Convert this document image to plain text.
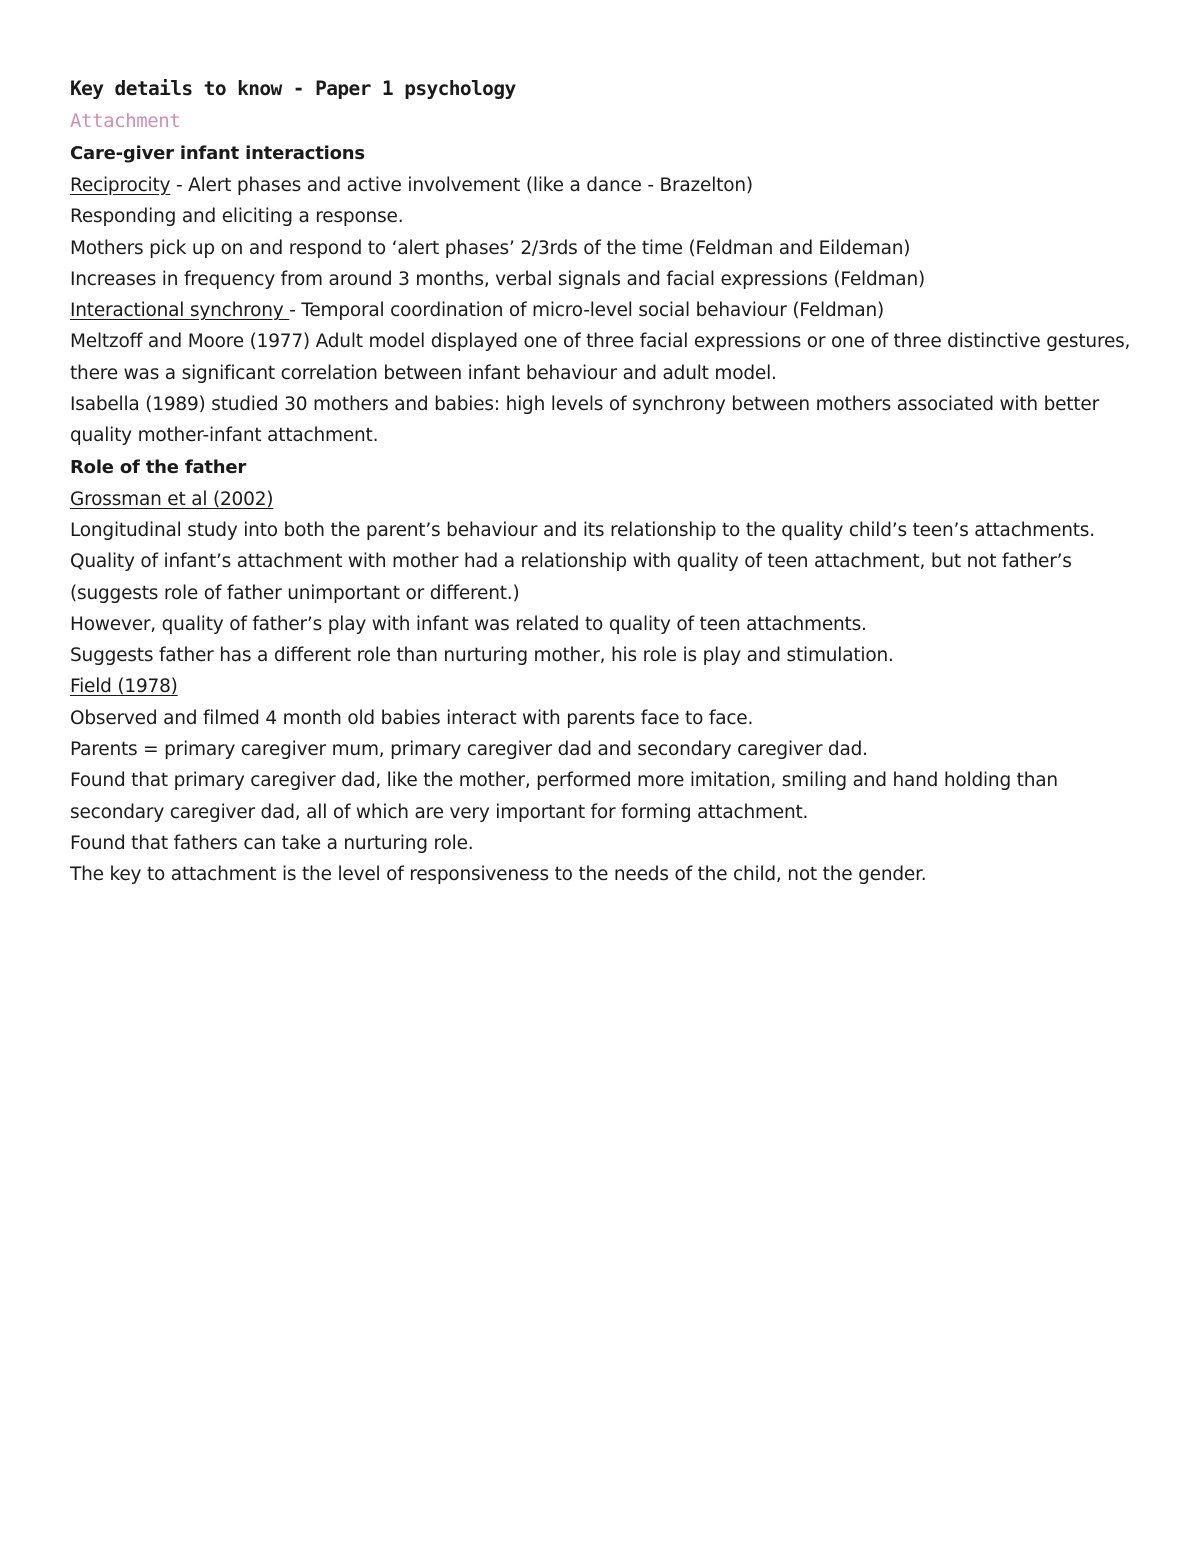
Key details to know - Paper 1 psychology
Attachment
Care-giver infant interactions
Reciprocity - Alert phases and active involvement (like a dance - Brazelton)
Responding and eliciting a response.
Mothers pick up on and respond to ‘alert phases’ 2/3rds of the time (Feldman and Eildeman)
Increases in frequency from around 3 months, verbal signals and facial expressions (Feldman)
Interactional synchrony - Temporal coordination of micro-level social behaviour (Feldman)
Meltzoff and Moore (1977) Adult model displayed one of three facial expressions or one of three distinctive gestures, there was a significant correlation between infant behaviour and adult model.
Isabella (1989) studied 30 mothers and babies: high levels of synchrony between mothers associated with better quality mother-infant attachment.
Role of the father
Grossman et al (2002)
Longitudinal study into both the parent’s behaviour and its relationship to the quality child’s teen’s attachments.
Quality of infant’s attachment with mother had a relationship with quality of teen attachment, but not father’s (suggests role of father unimportant or different.)
However, quality of father’s play with infant was related to quality of teen attachments.
Suggests father has a different role than nurturing mother, his role is play and stimulation.
Field (1978)
Observed and filmed 4 month old babies interact with parents face to face.
Parents = primary caregiver mum, primary caregiver dad and secondary caregiver dad.
Found that primary caregiver dad, like the mother, performed more imitation, smiling and hand holding than secondary caregiver dad, all of which are very important for forming attachment.
Found that fathers can take a nurturing role.
The key to attachment is the level of responsiveness to the needs of the child, not the gender.
